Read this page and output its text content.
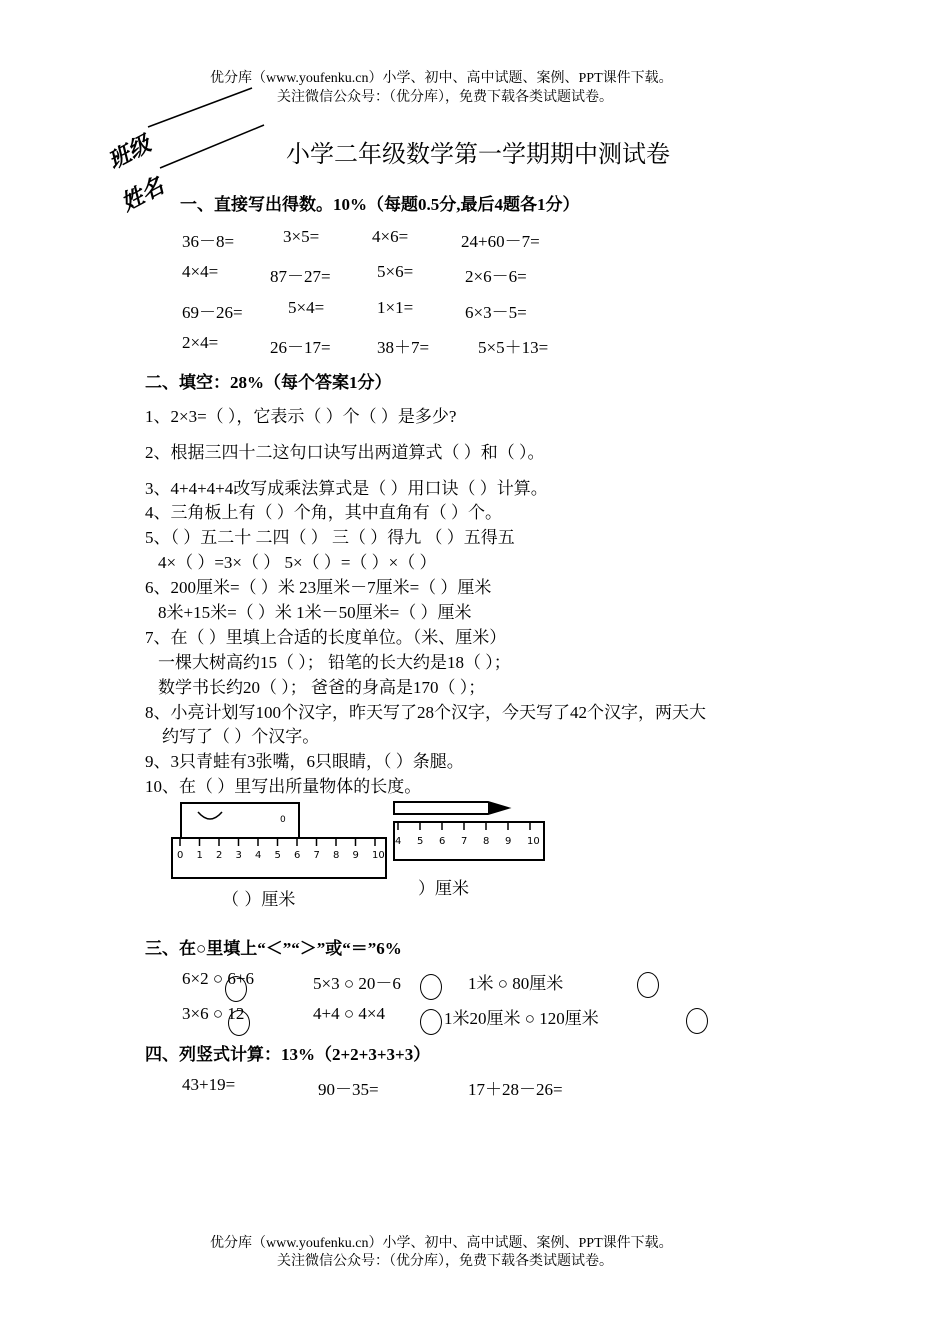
优分库（www.youfenku.cn）小学、初中、高中试题、案例、PPT课件下载。
关注微信公众号：（优分库），免费下载各类试题试卷。
班级
姓名
小学二年级数学第一学期期中测试卷
一、直接写出得数。10%（每题0.5分,最后4题各1分）
36－8=	3×5=	4×6=	24+60－7=
4×4=	87－27=	5×6=	2×6－6=
69－26=	5×4=	1×1=	6×3－5=
2×4=	26－17=	38＋7=	5×5＋13=
二、填空：28%（每个答案1分）
1、2×3=（ ），它表示（ ）个（ ）是多少?
2、根据三四十二这句口诀写出两道算式（ ）和（ ）。
3、4+4+4+4改写成乘法算式是（ ）用口诀（ ）计算。
4、三角板上有（ ）个角，其中直角有（ ）个。
5、（ ）五二十 二四（ ） 三（ ）得九 （ ）五得五
4×（ ）=3×（ ） 5×（ ）=（ ）×（ ）
6、200厘米=（ ）米 23厘米－7厘米=（ ）厘米
8米+15米=（ ）米 1米－50厘米=（ ）厘米
7、在（ ）里填上合适的长度单位。（米、厘米）
一棵大树高约15（ ）； 铅笔的长大约是18（ ）；
数学书长约20（ ）； 爸爸的身高是170（ ）；
8、小亮计划写100个汉字，昨天写了28个汉字，今天写了42个汉字，两天大
约写了（ ）个汉字。
9、3只青蛙有3张嘴，6只眼睛，（ ）条腿。
10、在（ ）里写出所量物体的长度。
0
0 1 2 3 4 5 6 7 8 9 10
（ ）厘米
4 5 6 7 8 9 10
）厘米
三、在○里填上“＜”“＞”或“＝”6%
6×2 ○ 6+6	5×3 ○ 20－6	1米 ○ 80厘米
3×6 ○ 12	4+4 ○ 4×4	1米20厘米 ○ 120厘米
四、列竖式计算：13%（2+2+3+3+3）
43+19=	90－35=	17＋28－26=
优分库（www.youfenku.cn）小学、初中、高中试题、案例、PPT课件下载。
关注微信公众号：（优分库），免费下载各类试题试卷。
